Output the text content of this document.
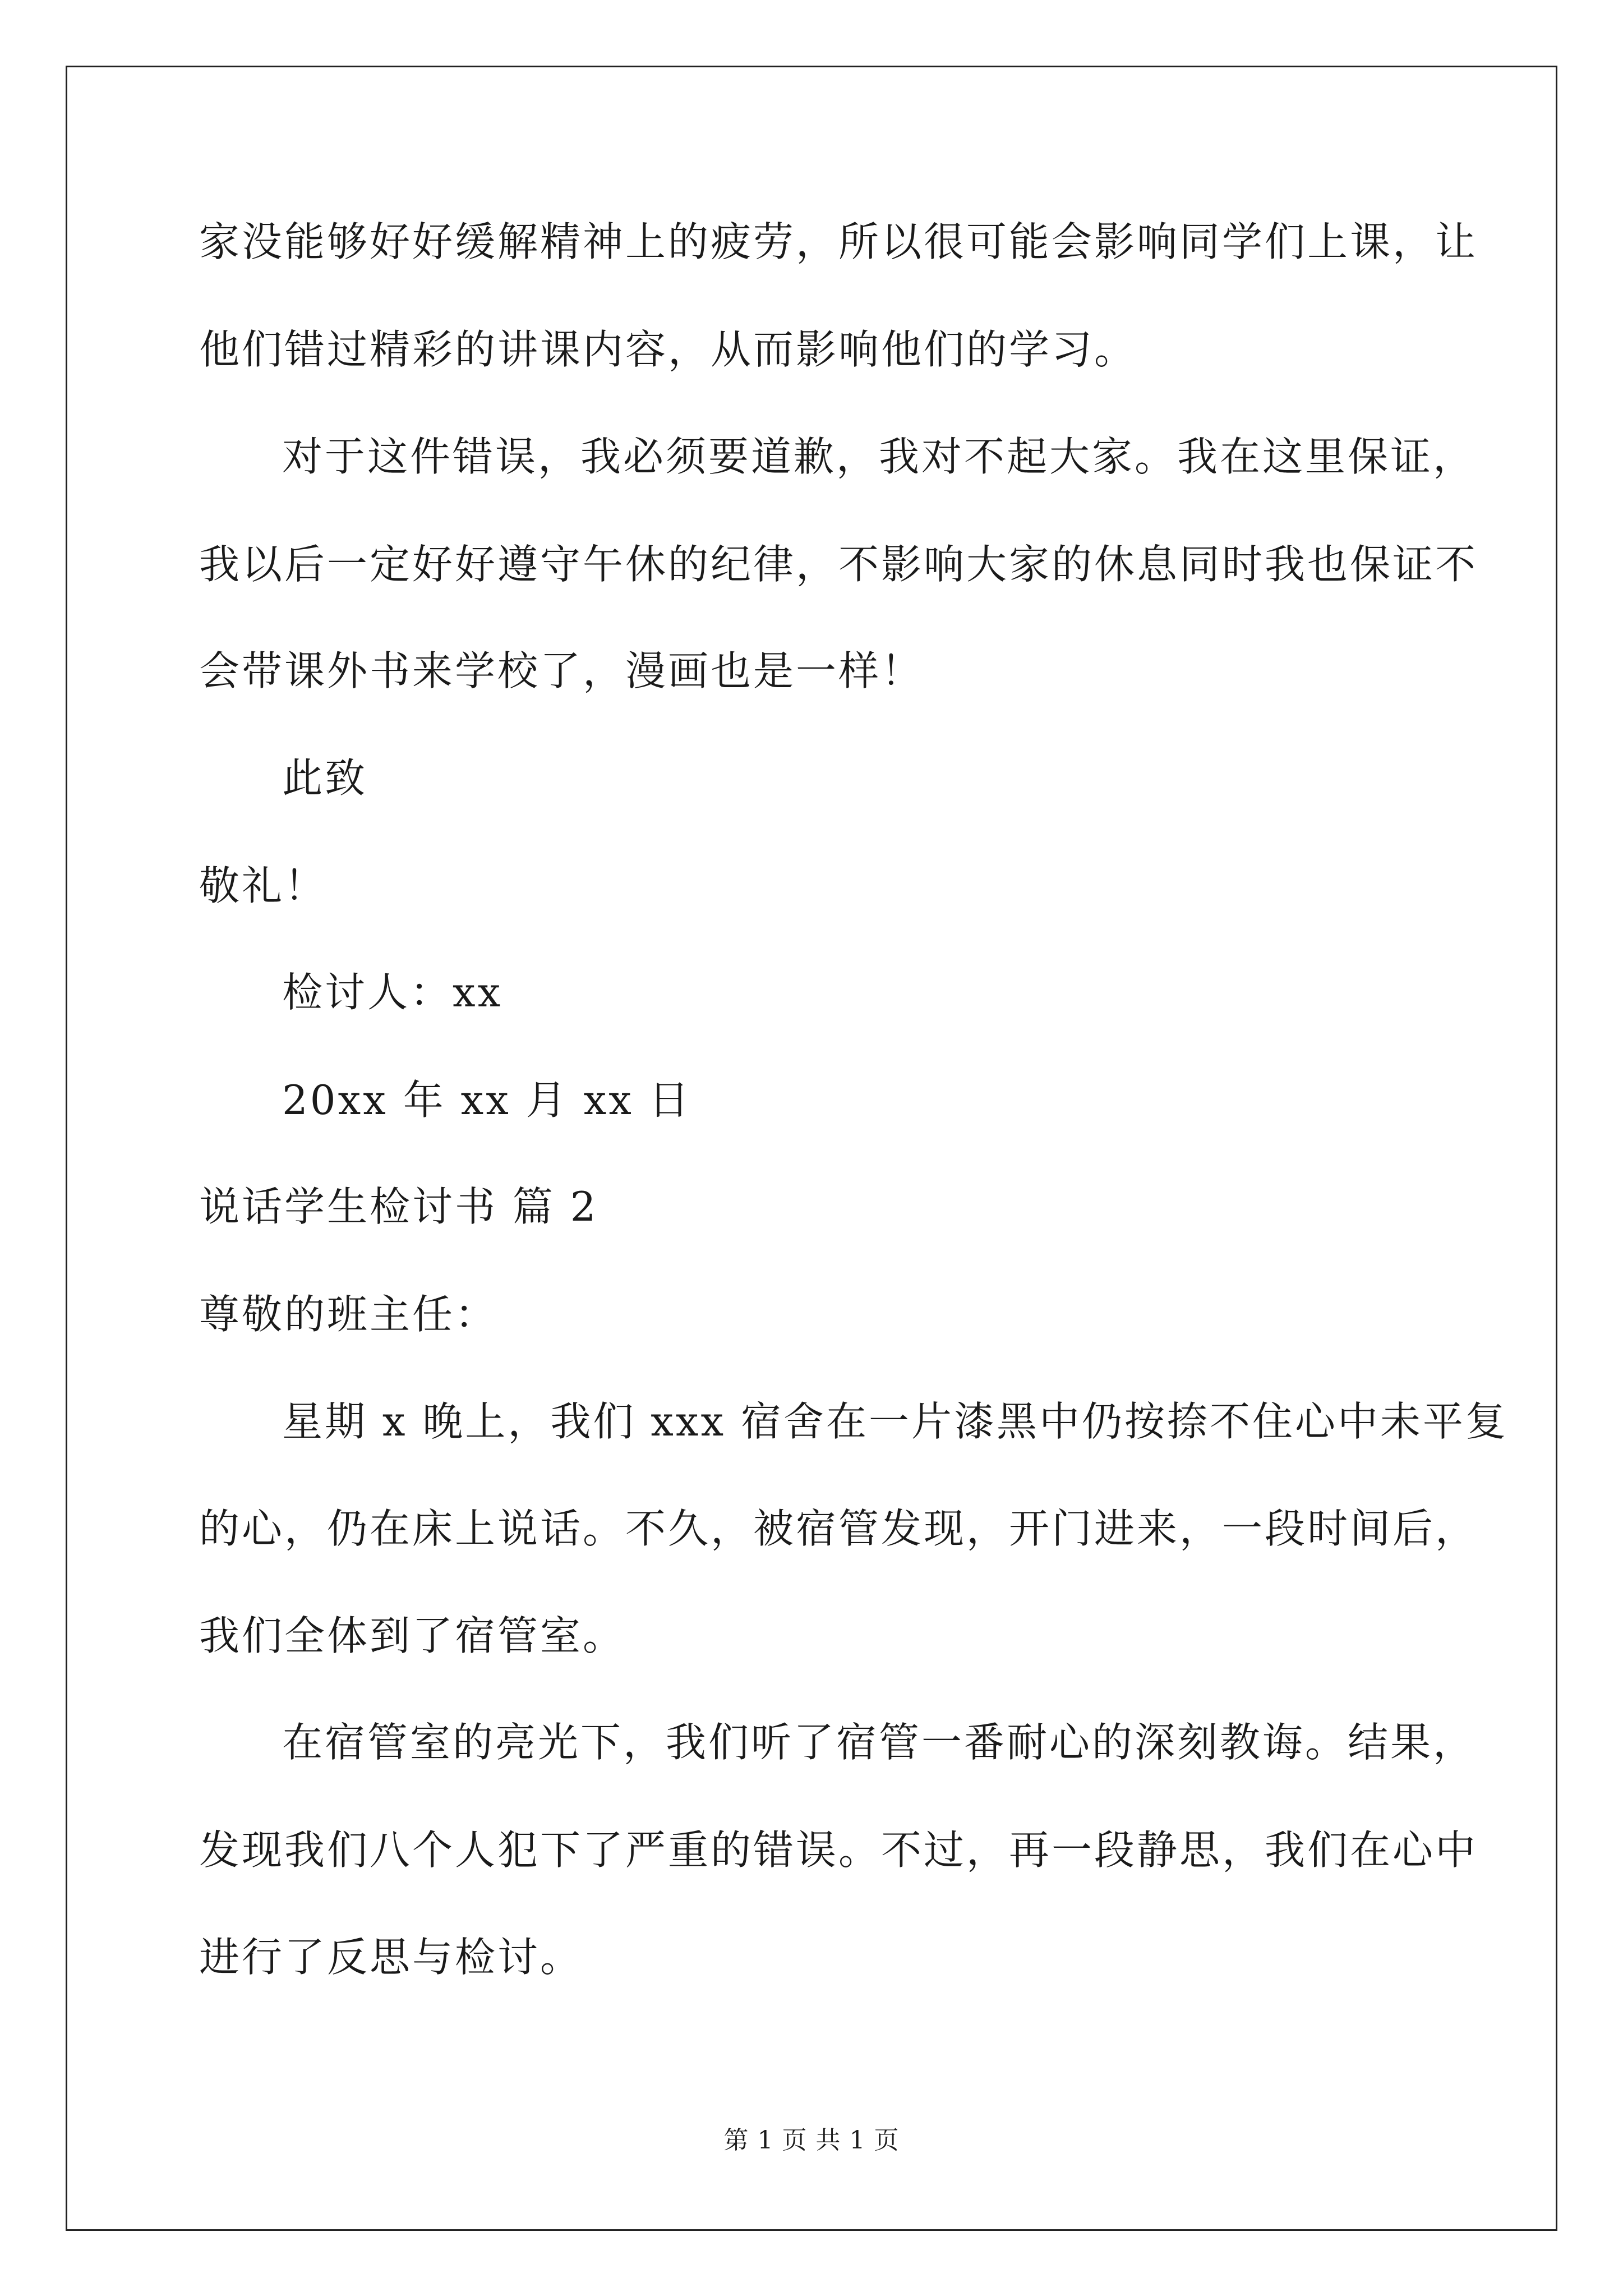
家没能够好好缓解精神上的疲劳，所以很可能会影响同学们上课，让
他们错过精彩的讲课内容，从而影响他们的学习。
对于这件错误，我必须要道歉，我对不起大家。我在这里保证，
我以后一定好好遵守午休的纪律，不影响大家的休息同时我也保证不
会带课外书来学校了，漫画也是一样！
此致
敬礼！
检讨人：xx
20xx 年 xx 月 xx 日
说话学生检讨书 篇 2
尊敬的班主任：
星期 x 晚上，我们 xxx 宿舍在一片漆黑中仍按捺不住心中未平复
的心，仍在床上说话。不久，被宿管发现，开门进来，一段时间后，
我们全体到了宿管室。
在宿管室的亮光下，我们听了宿管一番耐心的深刻教诲。结果，
发现我们八个人犯下了严重的错误。不过，再一段静思，我们在心中
进行了反思与检讨。
第 1 页 共 1 页
